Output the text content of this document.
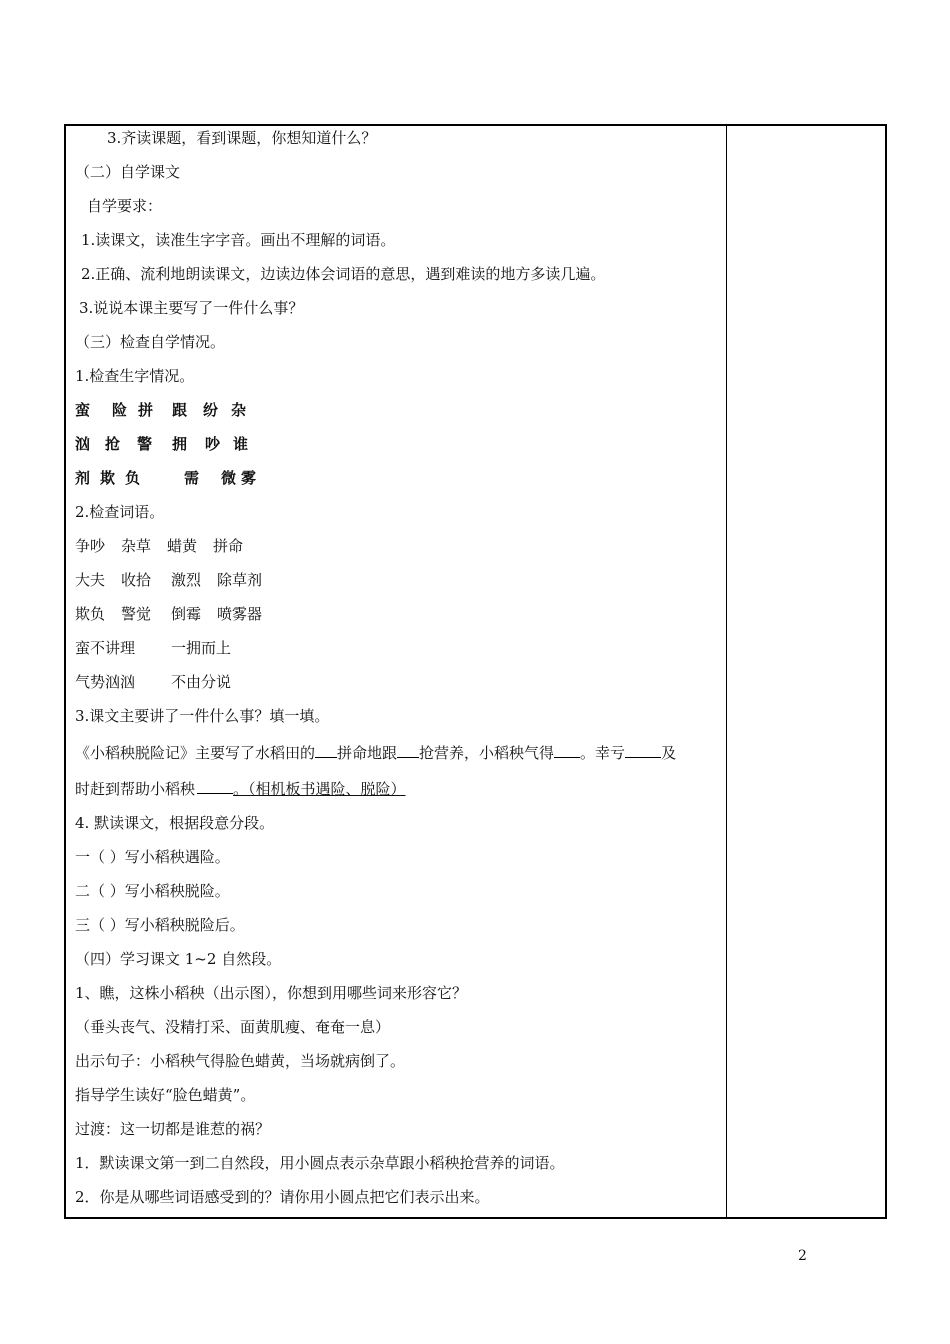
3.齐读课题，看到课题，你想知道什么？
（二）自学课文
自学要求：
1.读课文，读准生字字音。画出不理解的词语。
2.正确、流利地朗读课文，边读边体会词语的意思，遇到难读的地方多读几遍。
3.说说本课主要写了一件什么事？
（三）检查自学情况。
1.检查生字情况。
蛮 险 拼 跟 纷 杂
汹 抢 警 拥 吵 谁
剂 欺 负	需 微 雾
2.检查词语。
争吵 杂草 蜡黄 拼命
大夫 收拾 激烈 除草剂
欺负 警觉 倒霉 喷雾器
蛮不讲理 一拥而上
气势汹汹 不由分说
3.课文主要讲了一件什么事？填一填。
《小稻秧脱险记》主要写了水稻田的 拼命地跟 抢营养，小稻秧气得 。幸亏 及
时赶到帮助小稻秧	。（相机板书遇险、脱险）
4. 默读课文，根据段意分段。
一（ ）写小稻秧遇险。
二（ ）写小稻秧脱险。
三（ ）写小稻秧脱险后。
（四）学习课文 1~2 自然段。
1、瞧，这株小稻秧（出示图），你想到用哪些词来形容它？
（垂头丧气、没精打采、面黄肌瘦、奄奄一息）
出示句子：小稻秧气得脸色蜡黄，当场就病倒了。
指导学生读好“脸色蜡黄”。
过渡：这一切都是谁惹的祸？
1．默读课文第一到二自然段，用小圆点表示杂草跟小稻秧抢营养的词语。
2．你是从哪些词语感受到的？请你用小圆点把它们表示出来。
2
